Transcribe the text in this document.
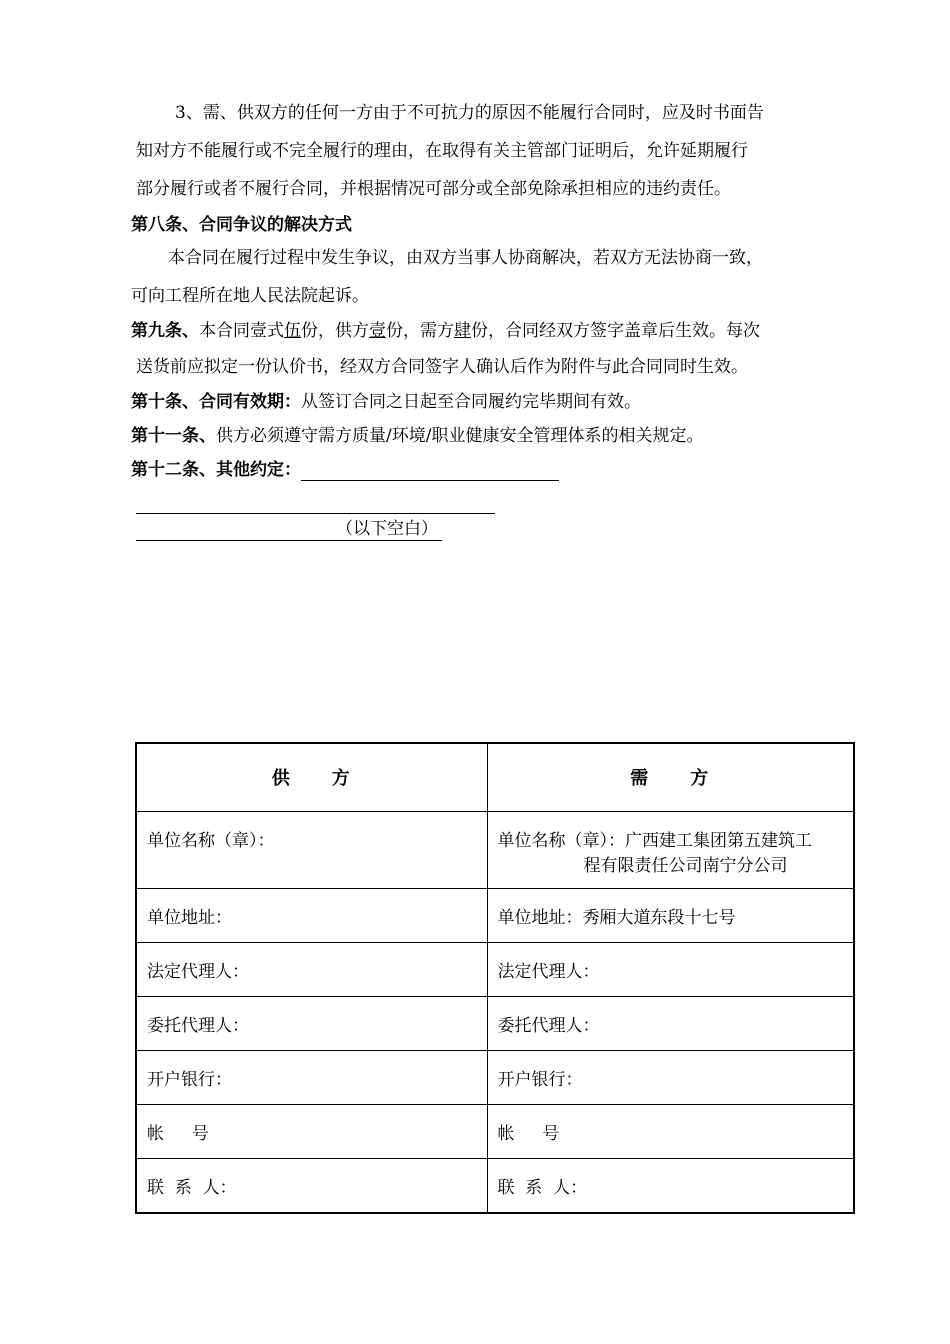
3、需、供双方的任何一方由于不可抗力的原因不能履行合同时，应及时书面告
知对方不能履行或不完全履行的理由，在取得有关主管部门证明后，允许延期履行
部分履行或者不履行合同，并根据情况可部分或全部免除承担相应的违约责任。
第八条、合同争议的解决方式
本合同在履行过程中发生争议，由双方当事人协商解决，若双方无法协商一致，
可向工程所在地人民法院起诉。
第九条、本合同壹式伍份，供方壹份，需方肆份，合同经双方签字盖章后生效。每次
送货前应拟定一份认价书，经双方合同签字人确认后作为附件与此合同同时生效。
第十条、合同有效期：从签订合同之日起至合同履约完毕期间有效。
第十一条、供方必须遵守需方质量/环境/职业健康安全管理体系的相关规定。
第十二条、其他约定：
（以下空白）
供　　方	需　　方
单位名称（章）：	单位名称（章）：广西建工集团第五建筑工
程有限责任公司南宁分公司

单位地址：	单位地址：秀厢大道东段十七号
法定代理人：	法定代理人：
委托代理人：	委托代理人：
开户银行：	开户银行：
帐　  号	帐　  号
联  系  人：	联  系  人：
